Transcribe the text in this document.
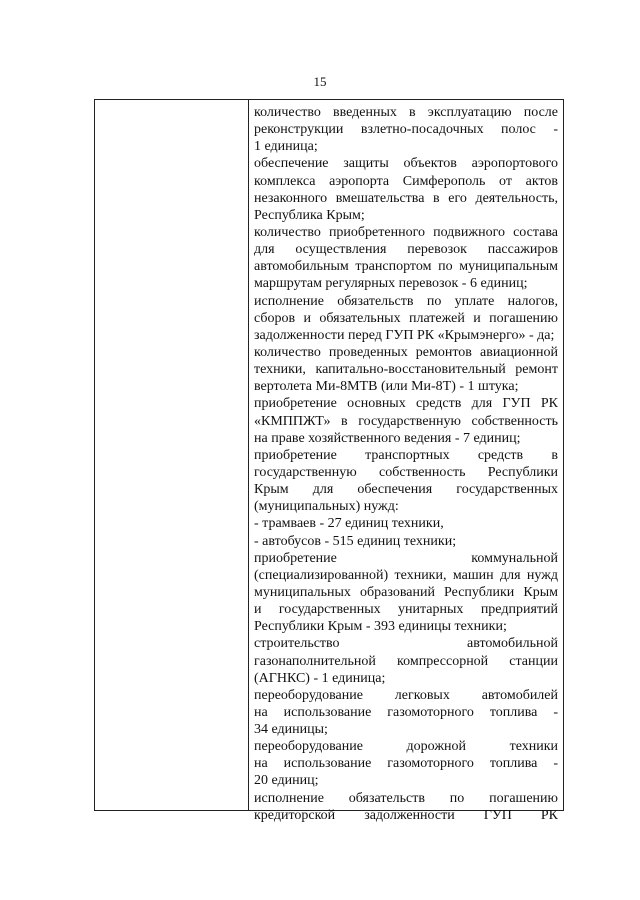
15
количество введенных в эксплуатацию после
реконструкции взлетно-посадочных полос -
1 единица;
обеспечение защиты объектов аэропортового
комплекса аэропорта Симферополь от актов
незаконного вмешательства в его деятельность,
Республика Крым;
количество приобретенного подвижного состава
для осуществления перевозок пассажиров
автомобильным транспортом по муниципальным
маршрутам регулярных перевозок - 6 единиц;
исполнение обязательств по уплате налогов,
сборов и обязательных платежей и погашению
задолженности перед ГУП РК «Крымэнерго» - да;
количество проведенных ремонтов авиационной
техники, капитально-восстановительный ремонт
вертолета Ми-8МТВ (или Ми-8Т) - 1 штука;
приобретение основных средств для ГУП РК
«КМППЖТ» в государственную собственность
на праве хозяйственного ведения - 7 единиц;
приобретение транспортных средств в
государственную собственность Республики
Крым для обеспечения государственных
(муниципальных) нужд:
- трамваев - 27 единиц техники,
- автобусов - 515 единиц техники;
приобретение коммунальной
(специализированной) техники, машин для нужд
муниципальных образований Республики Крым
и государственных унитарных предприятий
Республики Крым - 393 единицы техники;
строительство автомобильной
газонаполнительной компрессорной станции
(АГНКС) - 1 единица;
переоборудование легковых автомобилей
на использование газомоторного топлива -
34 единицы;
переоборудование дорожной техники
на использование газомоторного топлива -
20 единиц;
исполнение обязательств по погашению
кредиторской задолженности ГУП РК
